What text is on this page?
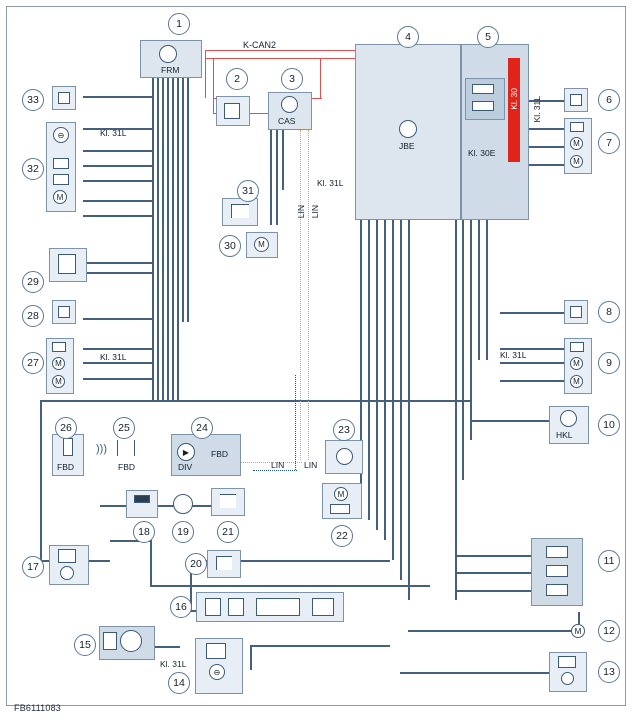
FRM
CAS
JBE
Kl. 30
Kl. 30E
Kl. 31L
M
M
M
M
Kl. 31L
HKL
M
⊖
Kl. 31L
M
▶
DIV
FBD
FBD
)))
FBD
M
M
Kl. 31L
M
⊖
M
Kl. 31L
K-CAN2
LIN LIN
LIN LIN
Kl. 31L
1
2	3
4	5
6
7
8
9
10
11
12
13
14
15
16
17
18	19
20
21	22
23
24
25
26
27
28
29
30
31
32
33
FB6111083
